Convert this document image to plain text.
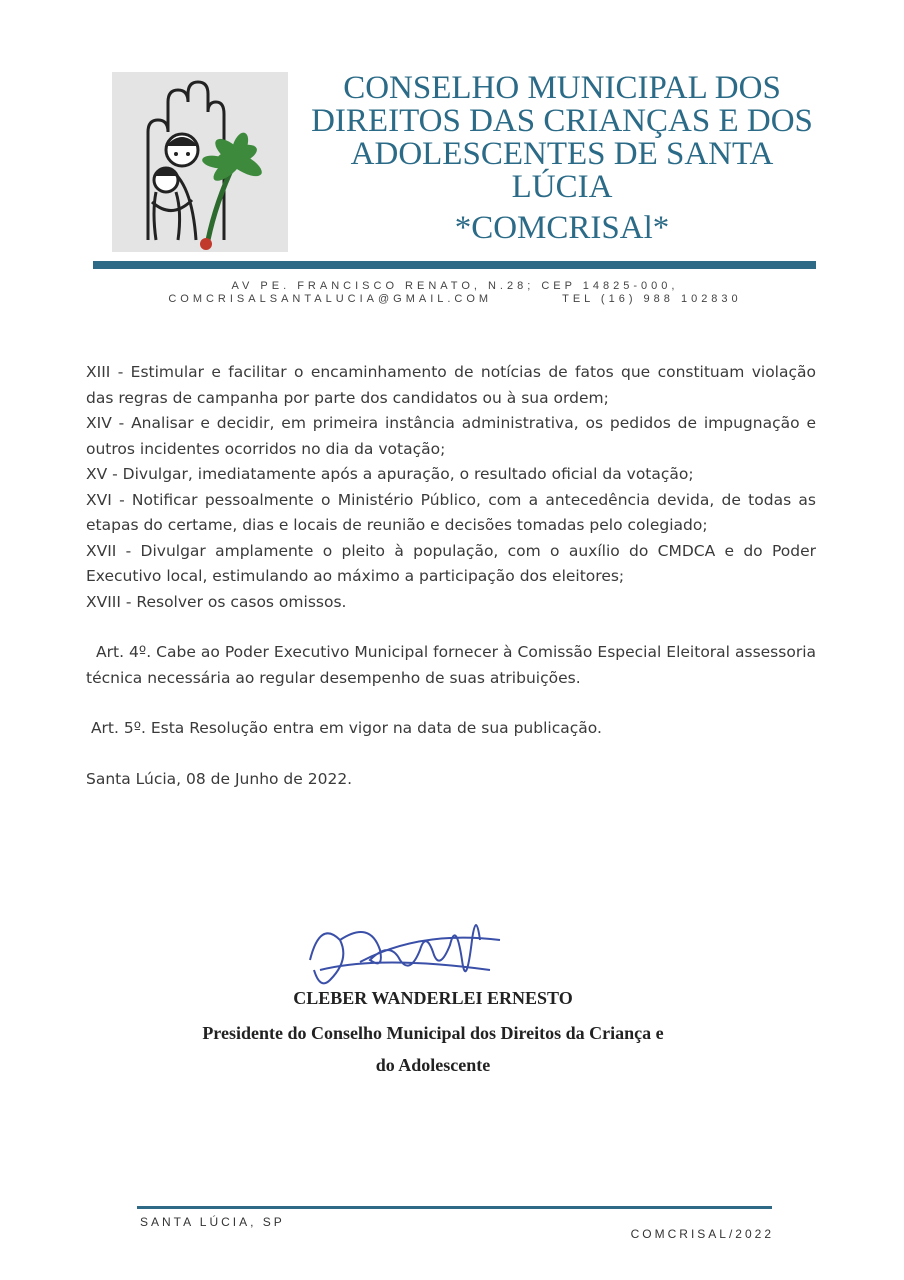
CONSELHO MUNICIPAL DOS
DIREITOS DAS CRIANÇAS E DOS
ADOLESCENTES DE SANTA
LÚCIA
*COMCRISAl*
AV PE. FRANCISCO RENATO, N.28; CEP 14825-000,
COMCRISALSANTALUCIA@GMAIL.COM	TEL (16) 988 102830

XIII - Estimular e facilitar o encaminhamento de notícias de fatos que constituam violação das regras de campanha por parte dos candidatos ou à sua ordem;

XIV - Analisar e decidir, em primeira instância administrativa, os pedidos de impugnação e outros incidentes ocorridos no dia da votação;

XV - Divulgar, imediatamente após a apuração, o resultado oficial da votação;

XVI - Notificar pessoalmente o Ministério Público, com a antecedência devida, de todas as etapas do certame, dias e locais de reunião e decisões tomadas pelo colegiado;

XVII - Divulgar amplamente o pleito à população, com o auxílio do CMDCA e do Poder Executivo local, estimulando ao máximo a participação dos eleitores;

XVIII - Resolver os casos omissos.

Art. 4º. Cabe ao Poder Executivo Municipal fornecer à Comissão Especial Eleitoral assessoria técnica necessária ao regular desempenho de suas atribuições.

Art. 5º. Esta Resolução entra em vigor na data de sua publicação.

Santa Lúcia, 08 de Junho de 2022.

CLEBER WANDERLEI ERNESTO
Presidente do Conselho Municipal dos Direitos da Criança e
do Adolescente
SANTA LÚCIA, SP
COMCRISAL/2022
